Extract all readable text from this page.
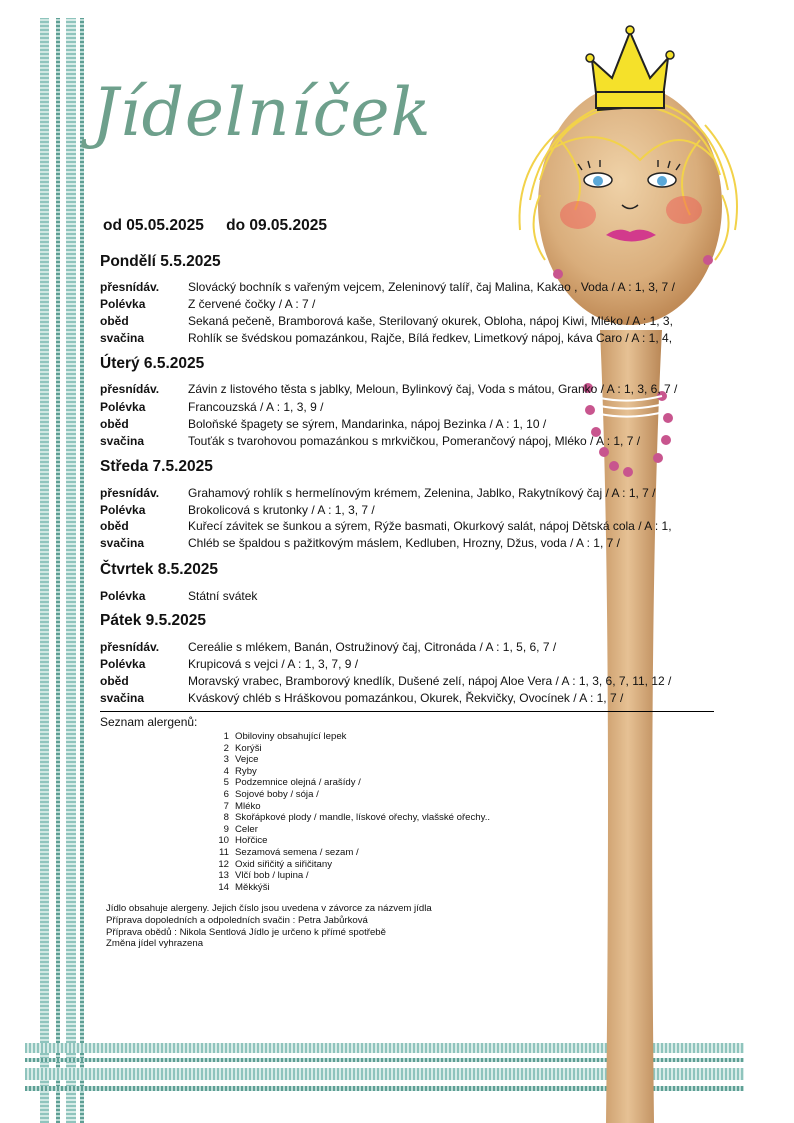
Jídelníček
od 05.05.2025 do 09.05.2025
Pondělí 5.5.2025
přesnídáv.	Slovácký bochník s vařeným vejcem, Zeleninový talíř, čaj Malina, Kakao , Voda / A : 1, 3, 7 /
Polévka	Z červené čočky / A : 7 /
oběd	Sekaná pečeně, Bramborová kaše, Sterilovaný okurek, Obloha, nápoj Kiwi, Mléko / A : 1, 3,
svačina	Rohlík se švédskou pomazánkou, Rajče, Bílá ředkev, Limetkový nápoj, káva Caro / A : 1, 4,
Úterý 6.5.2025
přesnídáv.	Závin z listového těsta s jablky, Meloun, Bylinkový čaj, Voda s mátou, Granko / A : 1, 3, 6, 7 /
Polévka	Francouzská / A : 1, 3, 9 /
oběd	Boloňské špagety se sýrem, Mandarinka, nápoj Bezinka / A : 1, 10 /
svačina	Touťák s tvarohovou pomazánkou s mrkvičkou, Pomerančový nápoj, Mléko / A : 1, 7 /
Středa 7.5.2025
přesnídáv.	Grahamový rohlík s hermelínovým krémem, Zelenina, Jablko, Rakytníkový čaj / A : 1, 7 /
Polévka	Brokolicová s krutonky / A : 1, 3, 7 /
oběd	Kuřecí závitek se šunkou a sýrem, Rýže basmati, Okurkový salát, nápoj Dětská cola / A : 1,
svačina	Chléb se špaldou s pažitkovým máslem, Kedluben, Hrozny, Džus, voda / A : 1, 7 /
Čtvrtek 8.5.2025
Polévka	Státní svátek
Pátek 9.5.2025
přesnídáv.	Cereálie s mlékem, Banán, Ostružinový čaj, Citronáda / A : 1, 5, 6, 7 /
Polévka	Krupicová s vejci / A : 1, 3, 7, 9 /
oběd	Moravský vrabec, Bramborový knedlík, Dušené zelí, nápoj Aloe Vera / A : 1, 3, 6, 7, 11, 12 /
svačina	Kváskový chléb s Hráškovou pomazánkou, Okurek, Řekvičky, Ovocínek / A : 1, 7 /
Seznam alergenů:
1 Obiloviny obsahující lepek
2 Korýši
3 Vejce
4 Ryby
5 Podzemnice olejná / arašídy /
6 Sojové boby / sója /
7 Mléko
8 Skořápkové plody / mandle, lískové ořechy, vlašské ořechy..
9 Celer
10 Hořčice
11 Sezamová semena / sezam /
12 Oxid siřičitý a siřičitany
13 Vlčí bob / lupina /
14 Měkkýši
Jídlo obsahuje alergeny. Jejich číslo jsou uvedena v závorce za názvem jídla
Příprava dopoledních a odpoledních svačin : Petra Jabůrková
Příprava obědů : Nikola Sentlová Jídlo je určeno k přímé spotřebě
Změna jídel vyhrazena
